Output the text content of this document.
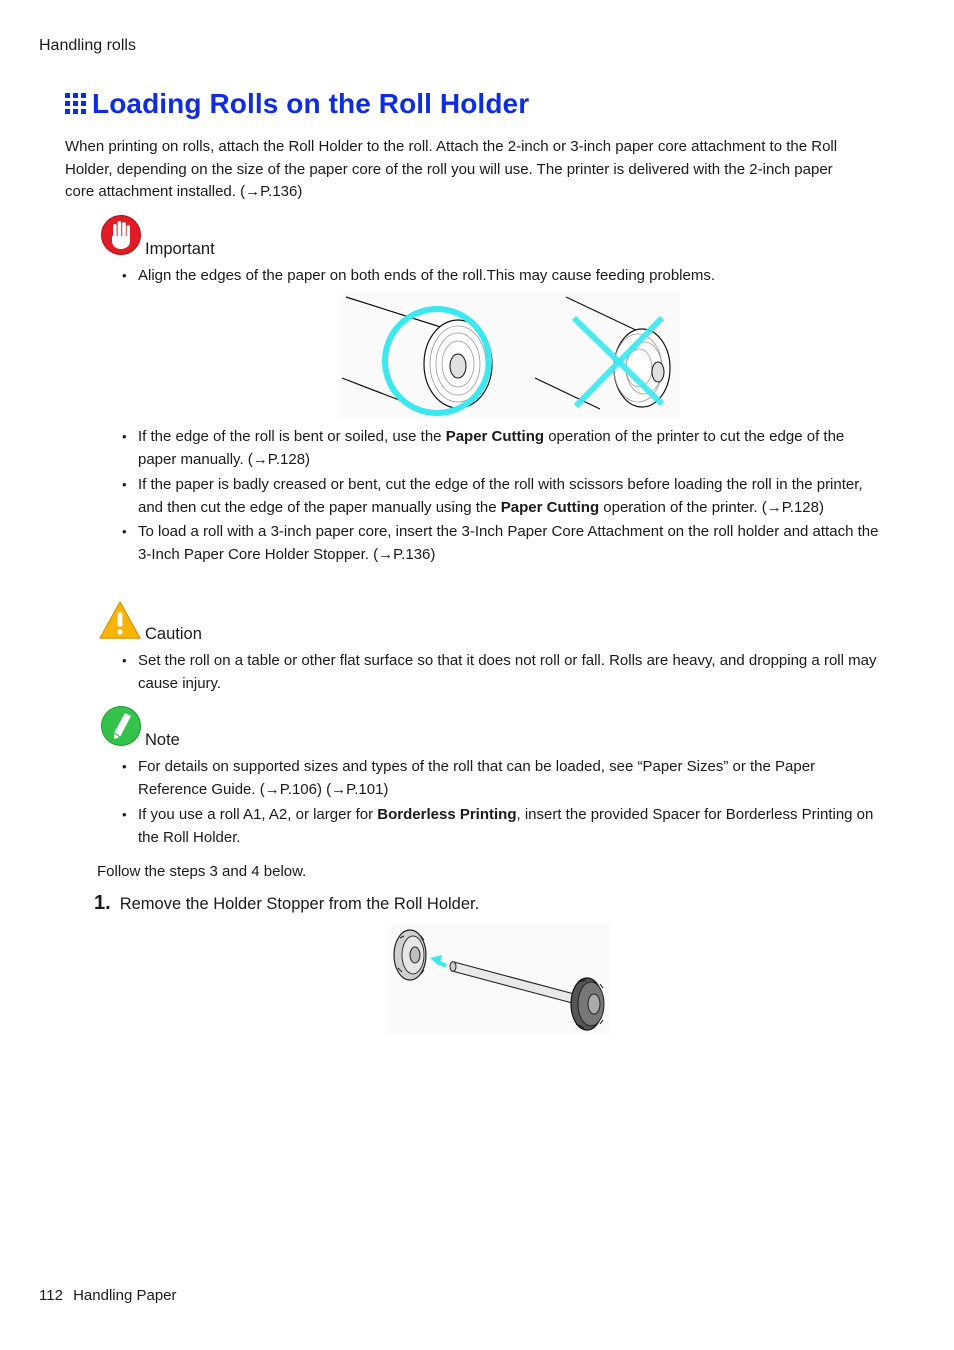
Handling rolls
Loading Rolls on the Roll Holder
When printing on rolls, attach the Roll Holder to the roll. Attach the 2-inch or 3-inch paper core attachment to the Roll Holder, depending on the size of the paper core of the roll you will use. The printer is delivered with the 2-inch paper core attachment installed. (→P.136)
Important
• Align the edges of the paper on both ends of the roll.This may cause feeding problems.
• If the edge of the roll is bent or soiled, use the Paper Cutting operation of the printer to cut the edge of the paper manually. (→P.128)
• If the paper is badly creased or bent, cut the edge of the roll with scissors before loading the roll in the printer, and then cut the edge of the paper manually using the Paper Cutting operation of the printer. (→P.128)
• To load a roll with a 3-inch paper core, insert the 3-Inch Paper Core Attachment on the roll holder and attach the 3-Inch Paper Core Holder Stopper. (→P.136)
Caution
• Set the roll on a table or other flat surface so that it does not roll or fall. Rolls are heavy, and dropping a roll may cause injury.
Note
• For details on supported sizes and types of the roll that can be loaded, see “Paper Sizes” or the Paper Reference Guide. (→P.106) (→P.101)
• If you use a roll A1, A2, or larger for Borderless Printing, insert the provided Spacer for Borderless Printing on the Roll Holder.
Follow the steps 3 and 4 below.
1. Remove the Holder Stopper from the Roll Holder.
112 Handling Paper
